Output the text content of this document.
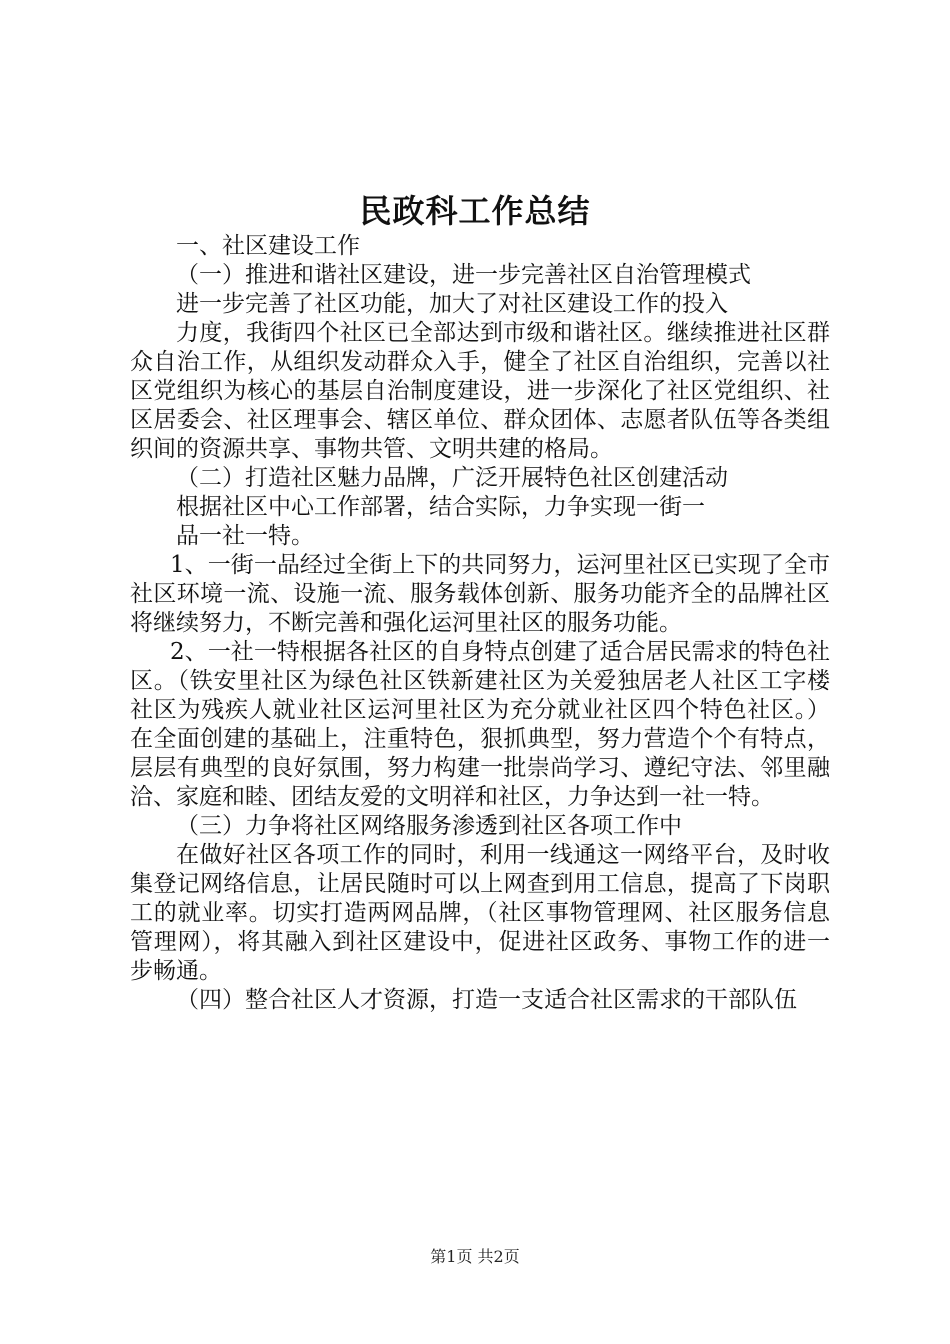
民政科工作总结

一、社区建设工作

（一）推进和谐社区建设，进一步完善社区自治管理模式

进一步完善了社区功能，加大了对社区建设工作的投入

力度，我街四个社区已全部达到市级和谐社区。继续推进社区群众自治工作，从组织发动群众入手，健全了社区自治组织，完善以社区党组织为核心的基层自治制度建设，进一步深化了社区党组织、社区居委会、社区理事会、辖区单位、群众团体、志愿者队伍等各类组织间的资源共享、事物共管、文明共建的格局。

（二）打造社区魅力品牌，广泛开展特色社区创建活动

根据社区中心工作部署，结合实际，力争实现一街一

品一社一特。

1、一街一品经过全街上下的共同努力，运河里社区已实现了全市社区环境一流、设施一流、服务载体创新、服务功能齐全的品牌社区将继续努力，不断完善和强化运河里社区的服务功能。

2、一社一特根据各社区的自身特点创建了适合居民需求的特色社区。（铁安里社区为绿色社区铁新建社区为关爱独居老人社区工字楼社区为残疾人就业社区运河里社区为充分就业社区四个特色社区。）在全面创建的基础上，注重特色，狠抓典型，努力营造个个有特点，层层有典型的良好氛围，努力构建一批崇尚学习、遵纪守法、邻里融洽、家庭和睦、团结友爱的文明祥和社区，力争达到一社一特。

（三）力争将社区网络服务渗透到社区各项工作中

在做好社区各项工作的同时，利用一线通这一网络平台，及时收集登记网络信息，让居民随时可以上网查到用工信息，提高了下岗职工的就业率。切实打造两网品牌，（社区事物管理网、社区服务信息管理网），将其融入到社区建设中，促进社区政务、事物工作的进一步畅通。

（四）整合社区人才资源，打造一支适合社区需求的干部队伍

第1页 共2页
